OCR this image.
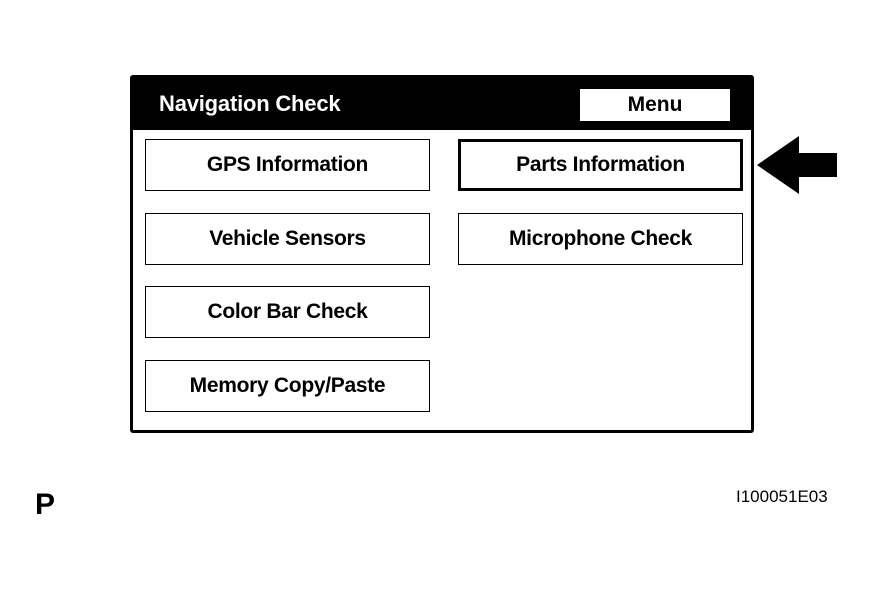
Navigation Check	Menu
GPS Information	Parts Information
Vehicle Sensors	Microphone Check
Color Bar Check
Memory Copy/Paste
P	I100051E03
